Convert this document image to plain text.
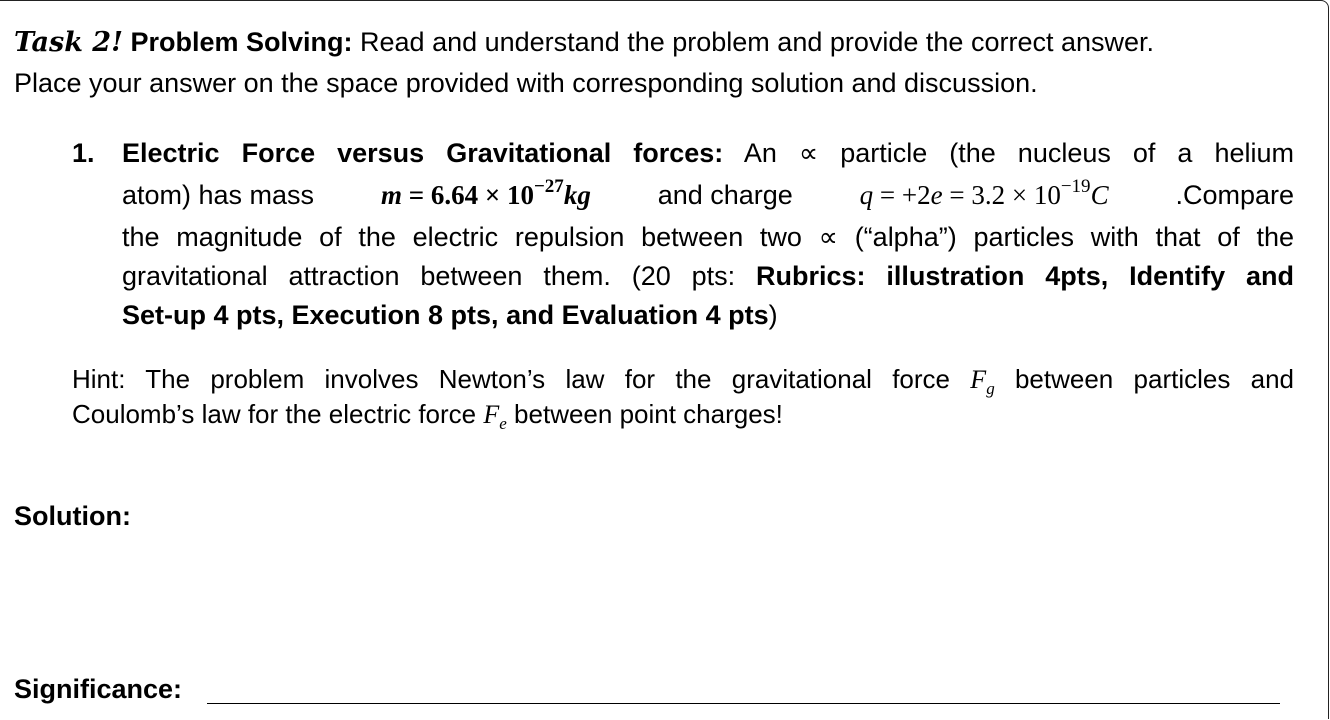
Task 2! Problem Solving: Read and understand the problem and provide the correct answer.
Place your answer on the space provided with corresponding solution and discussion.
1. Electric Force versus Gravitational forces: An ∝ particle (the nucleus of a helium
atom) has mass $m = 6.64 \times 10^{-27}kg$ and charge $q = +2e = 3.2 \times 10^{-19}C$ .Compare
the magnitude of the electric repulsion between two ∝ (“alpha”) particles with that of the
gravitational attraction between them. (20 pts: Rubrics: illustration 4pts, Identify and
Set-up 4 pts, Execution 8 pts, and Evaluation 4 pts)
Hint: The problem involves Newton’s law for the gravitational force $F_g$ between particles and
Coulomb’s law for the electric force $F_e$ between point charges!
Solution:
Significance:
